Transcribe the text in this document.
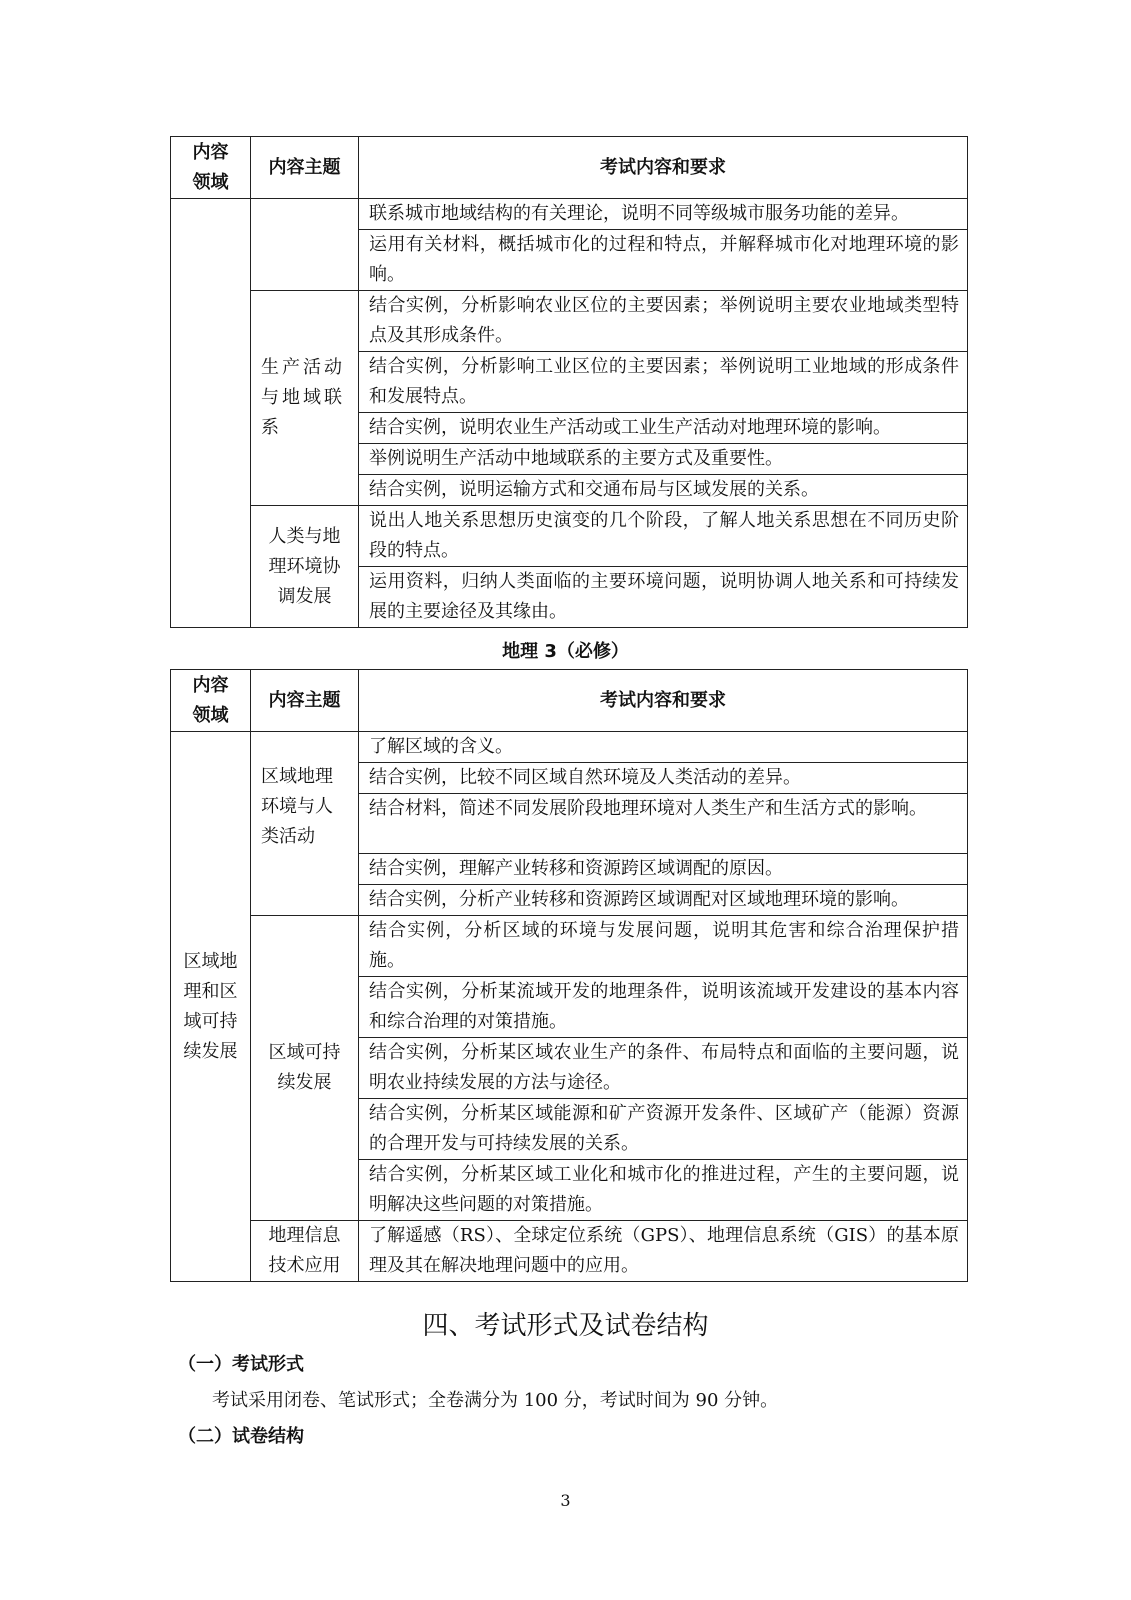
内容领域	内容主题	考试内容和要求
		联系城市地域结构的有关理论，说明不同等级城市服务功能的差异。
		运用有关材料，概括城市化的过程和特点，并解释城市化对地理环境的影响。
	生产活动与地域联系	结合实例，分析影响农业区位的主要因素；举例说明主要农业地域类型特点及其形成条件。
		结合实例，分析影响工业区位的主要因素；举例说明工业地域的形成条件和发展特点。
		结合实例，说明农业生产活动或工业生产活动对地理环境的影响。
		举例说明生产活动中地域联系的主要方式及重要性。
		结合实例，说明运输方式和交通布局与区域发展的关系。
	人类与地理环境协调发展	说出人地关系思想历史演变的几个阶段，了解人地关系思想在不同历史阶段的特点。
		运用资料，归纳人类面临的主要环境问题，说明协调人地关系和可持续发展的主要途径及其缘由。
地理 3（必修）
内容领域	内容主题	考试内容和要求
区域地理和区域可持续发展	区域地理环境与人类活动	了解区域的含义。
		结合实例，比较不同区域自然环境及人类活动的差异。
		结合材料，简述不同发展阶段地理环境对人类生产和生活方式的影响。
		结合实例，理解产业转移和资源跨区域调配的原因。
		结合实例，分析产业转移和资源跨区域调配对区域地理环境的影响。
	区域可持续发展	结合实例，分析区域的环境与发展问题，说明其危害和综合治理保护措施。
		结合实例，分析某流域开发的地理条件，说明该流域开发建设的基本内容和综合治理的对策措施。
		结合实例，分析某区域农业生产的条件、布局特点和面临的主要问题，说明农业持续发展的方法与途径。
		结合实例，分析某区域能源和矿产资源开发条件、区域矿产（能源）资源的合理开发与可持续发展的关系。
		结合实例，分析某区域工业化和城市化的推进过程，产生的主要问题，说明解决这些问题的对策措施。
	地理信息技术应用	了解遥感（RS）、全球定位系统（GPS）、地理信息系统（GIS）的基本原理及其在解决地理问题中的应用。
四、考试形式及试卷结构
（一）考试形式
考试采用闭卷、笔试形式；全卷满分为 100 分，考试时间为 90 分钟。
（二）试卷结构
3
